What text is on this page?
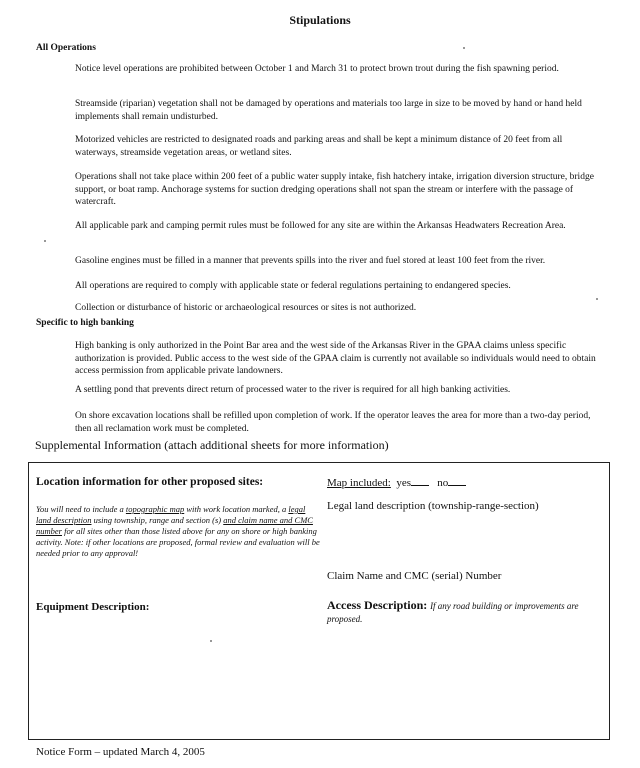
Stipulations
All Operations

Notice level operations are prohibited between October 1 and March 31 to protect brown trout during the fish spawning period.

Streamside (riparian) vegetation shall not be damaged by operations and materials too large in size to be moved by hand or hand held implements shall remain undisturbed.

Motorized vehicles are restricted to designated roads and parking areas and shall be kept a minimum distance of 20 feet from all waterways, streamside vegetation areas, or wetland sites.

Operations shall not take place within 200 feet of a public water supply intake, fish hatchery intake, irrigation diversion structure, bridge support, or boat ramp. Anchorage systems for suction dredging operations shall not span the stream or interfere with the passage of watercraft.

All applicable park and camping permit rules must be followed for any site are within the Arkansas Headwaters Recreation Area.

Gasoline engines must be filled in a manner that prevents spills into the river and fuel stored at least 100 feet from the river.

All operations are required to comply with applicable state or federal regulations pertaining to endangered species.

Collection or disturbance of historic or archaeological resources or sites is not authorized.

Specific to high banking

High banking is only authorized in the Point Bar area and the west side of the Arkansas River in the GPAA claims unless specific authorization is provided. Public access to the west side of the GPAA claim is currently not available so individuals would need to obtain access permission from applicable private landowners.

A settling pond that prevents direct return of processed water to the river is required for all high banking activities.

On shore excavation locations shall be refilled upon completion of work. If the operator leaves the area for more than a two-day period, then all reclamation work must be completed.

Supplemental Information (attach additional sheets for more information)
Location information for other proposed sites:
You will need to include a topographic map with work location marked, a legal land description using township, range and section (s) and claim name and CMC number for all sites other than those listed above for any on shore or high banking activity. Note: if other locations are proposed, formal review and evaluation will be needed prior to any approval!
Map included: yes no
Legal land description (township-range-section)
Claim Name and CMC (serial) Number
Equipment Description:	Access Description: If any road building or improvements are proposed.
Notice Form – updated March 4, 2005
